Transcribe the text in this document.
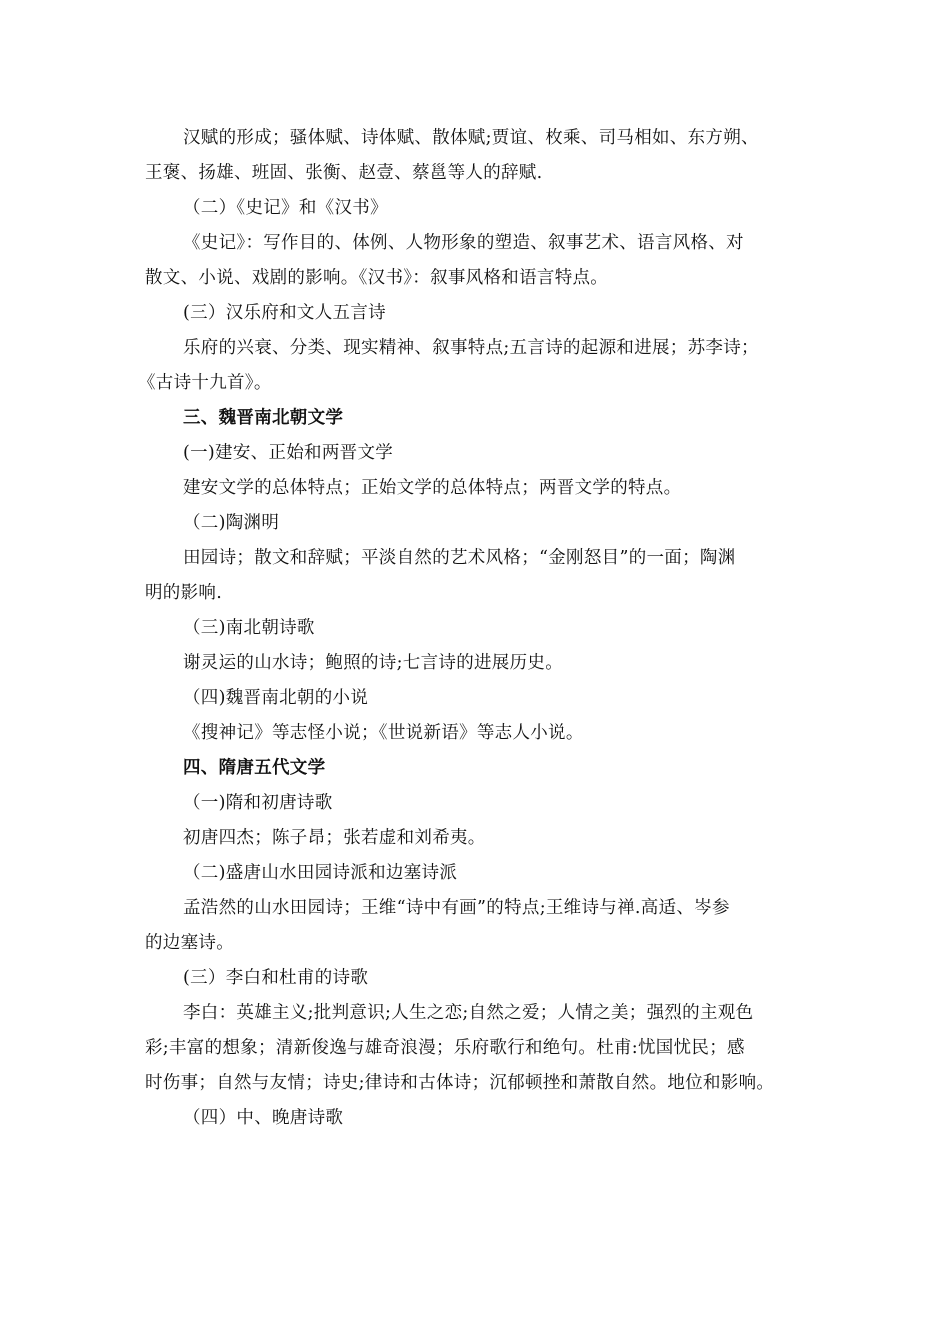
汉赋的形成；骚体赋、诗体赋、散体赋;贾谊、枚乘、司马相如、东方朔、
王褒、扬雄、班固、张衡、赵壹、蔡邕等人的辞赋.
（二）《史记》和《汉书》
《史记》：写作目的、体例、人物形象的塑造、叙事艺术、语言风格、对
散文、小说、戏剧的影响。《汉书》：叙事风格和语言特点。
(三）汉乐府和文人五言诗
乐府的兴衰、分类、现实精神、叙事特点;五言诗的起源和进展；苏李诗；
《古诗十九首》。
三、魏晋南北朝文学
(一)建安、正始和两晋文学
建安文学的总体特点；正始文学的总体特点；两晋文学的特点。
（二)陶渊明
田园诗；散文和辞赋；平淡自然的艺术风格；“金刚怒目”的一面；陶渊
明的影响.
（三)南北朝诗歌
谢灵运的山水诗；鲍照的诗;七言诗的进展历史。
（四)魏晋南北朝的小说
《搜神记》等志怪小说；《世说新语》等志人小说。
四、隋唐五代文学
（一)隋和初唐诗歌
初唐四杰；陈子昂；张若虚和刘希夷。
（二)盛唐山水田园诗派和边塞诗派
孟浩然的山水田园诗；王维“诗中有画”的特点;王维诗与禅.高适、岑参
的边塞诗。
(三）李白和杜甫的诗歌
李白：英雄主义;批判意识;人生之恋;自然之爱；人情之美；强烈的主观色
彩;丰富的想象；清新俊逸与雄奇浪漫；乐府歌行和绝句。杜甫:忧国忧民；感
时伤事；自然与友情；诗史;律诗和古体诗；沉郁顿挫和萧散自然。地位和影响。
（四）中、晚唐诗歌
